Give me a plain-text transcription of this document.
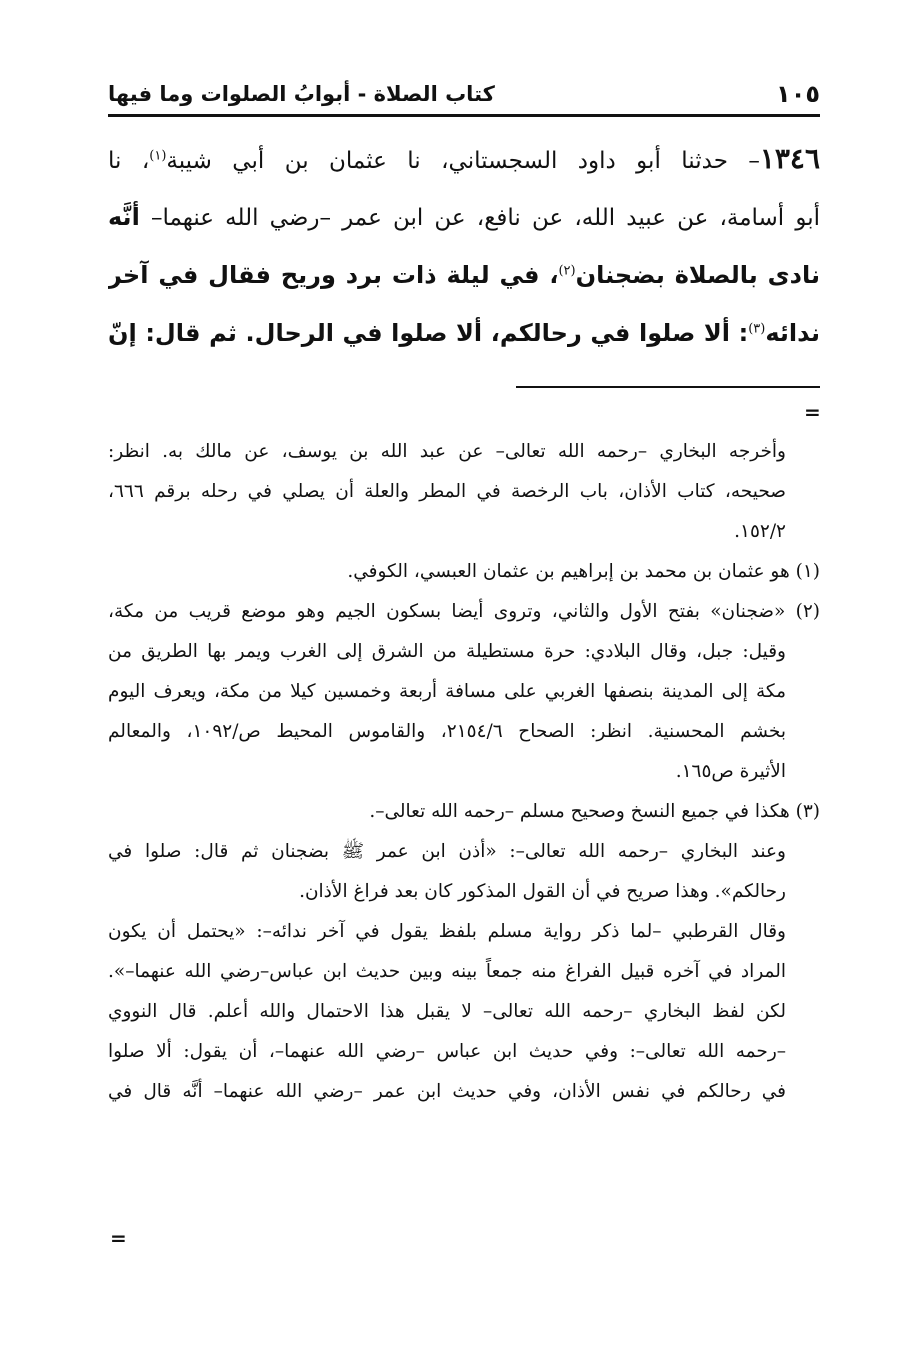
كتاب الصلاة - أبوابُ الصلوات وما فيها	١٠٥
١٣٤٦– حدثنا أبو داود السجستاني، نا عثمان بن أبي شيبة$^{(١)}$، نا
أبو أسامة، عن عبيد الله، عن نافع، عن ابن عمر –رضي الله عنهما– أنَّه
نادى بالصلاة بضجنان$^{(٢)}$، في ليلة ذات برد وريح فقال في آخر
ندائه$^{(٣)}$: ألا صلوا في رحالكم، ألا صلوا في الرحال. ثم قال: إنّ
=
وأخرجه البخاري –رحمه الله تعالى– عن عبد الله بن يوسف، عن مالك به. انظر:
صحيحه، كتاب الأذان، باب الرخصة في المطر والعلة أن يصلي في رحله برقم ٦٦٦،
١٥٢/٢.
(١) هو عثمان بن محمد بن إبراهيم بن عثمان العبسي، الكوفي.
(٢) «ضجنان» بفتح الأول والثاني، وتروى أيضا بسكون الجيم وهو موضع قريب من مكة،
وقيل: جبل، وقال البلادي: حرة مستطيلة من الشرق إلى الغرب ويمر بها الطريق من
مكة إلى المدينة بنصفها الغربي على مسافة أربعة وخمسين كيلا من مكة، ويعرف اليوم
بخشم المحسنية. انظر: الصحاح ٢١٥٤/٦، والقاموس المحيط ص/١٠٩٢، والمعالم
الأثيرة ص١٦٥.
(٣) هكذا في جميع النسخ وصحيح مسلم –رحمه الله تعالى–.
وعند البخاري –رحمه الله تعالى–: «أذن ابن عمر ﷺ بضجنان ثم قال: صلوا في
رحالكم». وهذا صريح في أن القول المذكور كان بعد فراغ الأذان.
وقال القرطبي –لما ذكر رواية مسلم بلفظ يقول في آخر ندائه–: «يحتمل أن يكون
المراد في آخره قبيل الفراغ منه جمعاً بينه وبين حديث ابن عباس–رضي الله عنهما–».
لكن لفظ البخاري –رحمه الله تعالى– لا يقبل هذا الاحتمال والله أعلم. قال النووي
–رحمه الله تعالى–: وفي حديث ابن عباس –رضي الله عنهما–، أن يقول: ألا صلوا
في رحالكم في نفس الأذان، وفي حديث ابن عمر –رضي الله عنهما– أنَّه قال في
=
